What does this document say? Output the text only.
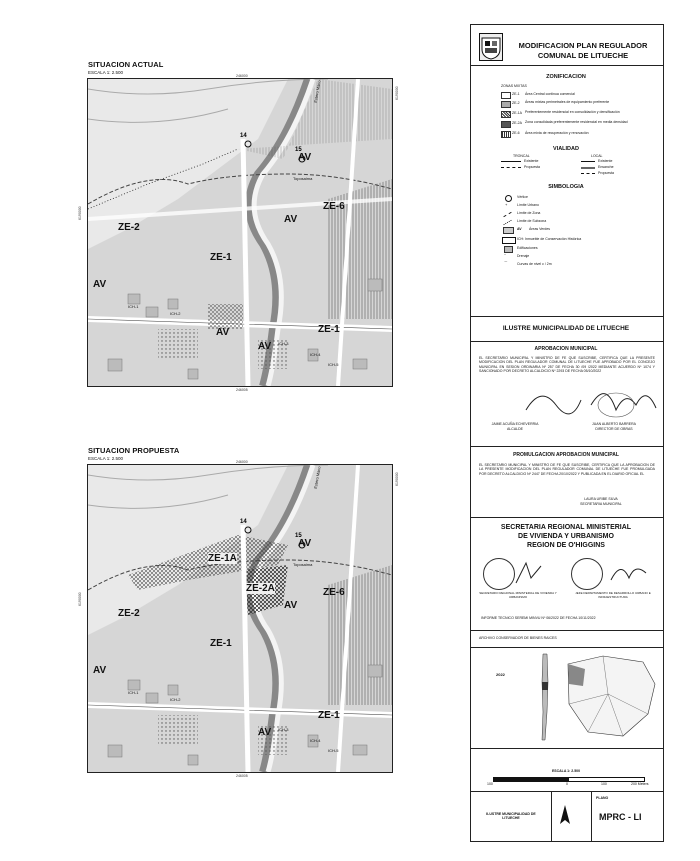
SITUACION ACTUAL
ESCALA 1: 2.500
246000
246005
14
15
ZE-2
ZE-6
ZE-1
ZE-1
AV
AV
AV
AV
AV
Toposaima
Estero Maco
ICH-1
ICH-2
ICH-3
ICH-4
ICH-5
6190000
6190000
SITUACION PROPUESTA
ESCALA 1: 2.500
246000
246005
14
15
ZE-2
ZE-6
ZE-1
ZE-1
AV
AV
AV
AV
ZE-2A
ZE-1A
Toposaima
Estero Maco
ICH-1
ICH-2
ICH-3
ICH-4
ICH-5
6190000
6190000
MODIFICACION PLAN REGULADOR
COMUNAL DE LITUECHE
ZONIFICACION
ZONAS MIXTAS
ZE-1	Área Central continua comercial
ZE-2	Áreas mixtas perimetrales de equipamiento preferente
ZE-1A Preferentemente residencial en consolidación y densificación
ZE-2A Zona consolidada preferentemente residencial en media densidad
ZE-6	Área mixta de recuperación y renovación
VIALIDAD
TRONCAL	LOCAL
Existente
Propuesta
Existente
Ensanche
Propuesta
SIMBOLOGIA
Vértice
+	Límite Urbano
Límite de Zona
Límite de Subzona
AV Áreas Verdes
ICH: Inmueble de Conservación Histórica
Edificaciones
~	Drenaje
⌒	Curvas de nivel c / 2m
ILUSTRE MUNICIPALIDAD DE LITUECHE
APROBACION MUNICIPAL
EL SECRETARIO MUNICIPAL Y MINISTRO DE FE QUE SUSCRIBE, CERTIFICA QUE LA PRESENTE MODIFICACION DEL PLAN REGULADOR COMUNAL DE LITUECHE FUE APROBADO POR EL CONCEJO MUNICIPAL EN SESION ORDINARIA Nº 257 DE FECHA 30 /09 /2022 MEDIANTE ACUERDO Nº 1074 Y SANCIONADO POR DECRETO ALCALDICIO Nº 2293 DE FECHA 05/10/2022
JAIME ACUÑA ECHEVERRIA
ALCALDE
JUAN ALBERTO BARRERA
DIRECTOR DE OBRAS
PROMULGACION APROBACION MUNICIPAL
EL SECRETARIO MUNICIPAL Y MINISTRO DE FE QUE SUSCRIBE, CERTIFICA QUE LA APROBACION DE LA PRESENTE MODIFICACION DEL PLAN REGULADOR COMUNAL DE LITUECHE FUE PROMULGADA POR DECRETO ALCALDICIO Nº 2447 DE FECHA 20/10/2022 Y PUBLICADA EN EL DIARIO OFICIAL EL
LAURA URIBE SILVA
SECRETARIA MUNICIPAL
SECRETARIA REGIONAL MINISTERIAL
DE VIVIENDA Y URBANISMO
REGION DE O'HIGGINS
SECRETARIO REGIONAL MINISTERIAL DE VIVIENDA Y URBANISMO
JEFE DEPARTAMENTO DE DESARROLLO URBANO E INFRAESTRUCTURA
INFORME TECNICO SEREMI MINVU Nº 06/2022 DE FECHA 10/11/2022
ARCHIVO CONSERVADOR DE BIENES RAICES
2022
ESCALA 1: 2.500
100	0	100	200 Meters
ILUSTRE MUNICIPALIDAD DE LITUECHE
PLANO
MPRC - LI
